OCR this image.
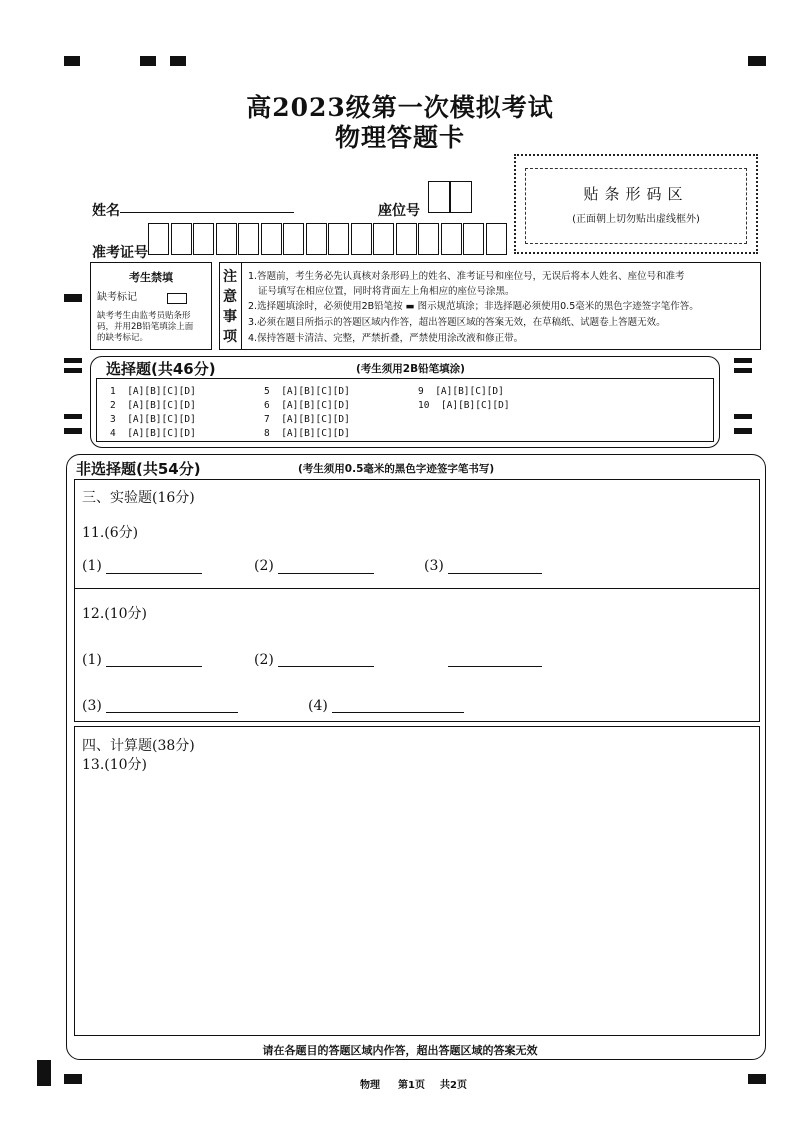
高2023级第一次模拟考试
物理答题卡
姓名	座位号
准考证号
贴条形码区
(正面朝上切勿贴出虚线框外)
考生禁填
缺考标记
缺考考生由监考员贴条形
码，并用2B铅笔填涂上面
的缺考标记。
注
意
事
项
1.答题前，考生务必先认真核对条形码上的姓名、准考证号和座位号，无误后将本人姓名、座位号和准考
证号填写在相应位置，同时将背面左上角相应的座位号涂黑。
2.选择题填涂时，必须使用2B铅笔按 ▬ 图示规范填涂；非选择题必须使用0.5毫米的黑色字迹签字笔作答。
3.必须在题目所指示的答题区域内作答，超出答题区域的答案无效，在草稿纸、试题卷上答题无效。
4.保持答题卡清洁、完整，严禁折叠，严禁使用涂改液和修正带。
选择题(共46分)	(考生须用2B铅笔填涂)
1 [A][B][C][D]
2 [A][B][C][D]
3 [A][B][C][D]
4 [A][B][C][D]
5 [A][B][C][D]
6 [A][B][C][D]
7 [A][B][C][D]
8 [A][B][C][D]
9 [A][B][C][D]
10 [A][B][C][D]
非选择题(共54分)	(考生须用0.5毫米的黑色字迹签字笔书写)
三、实验题(16分)
11.(6分)
(1)	(2)	(3)
12.(10分)
(1)	(2)
(3)	(4)
四、计算题(38分)
13.(10分)
请在各题目的答题区域内作答，超出答题区域的答案无效
物理 第1页 共2页
